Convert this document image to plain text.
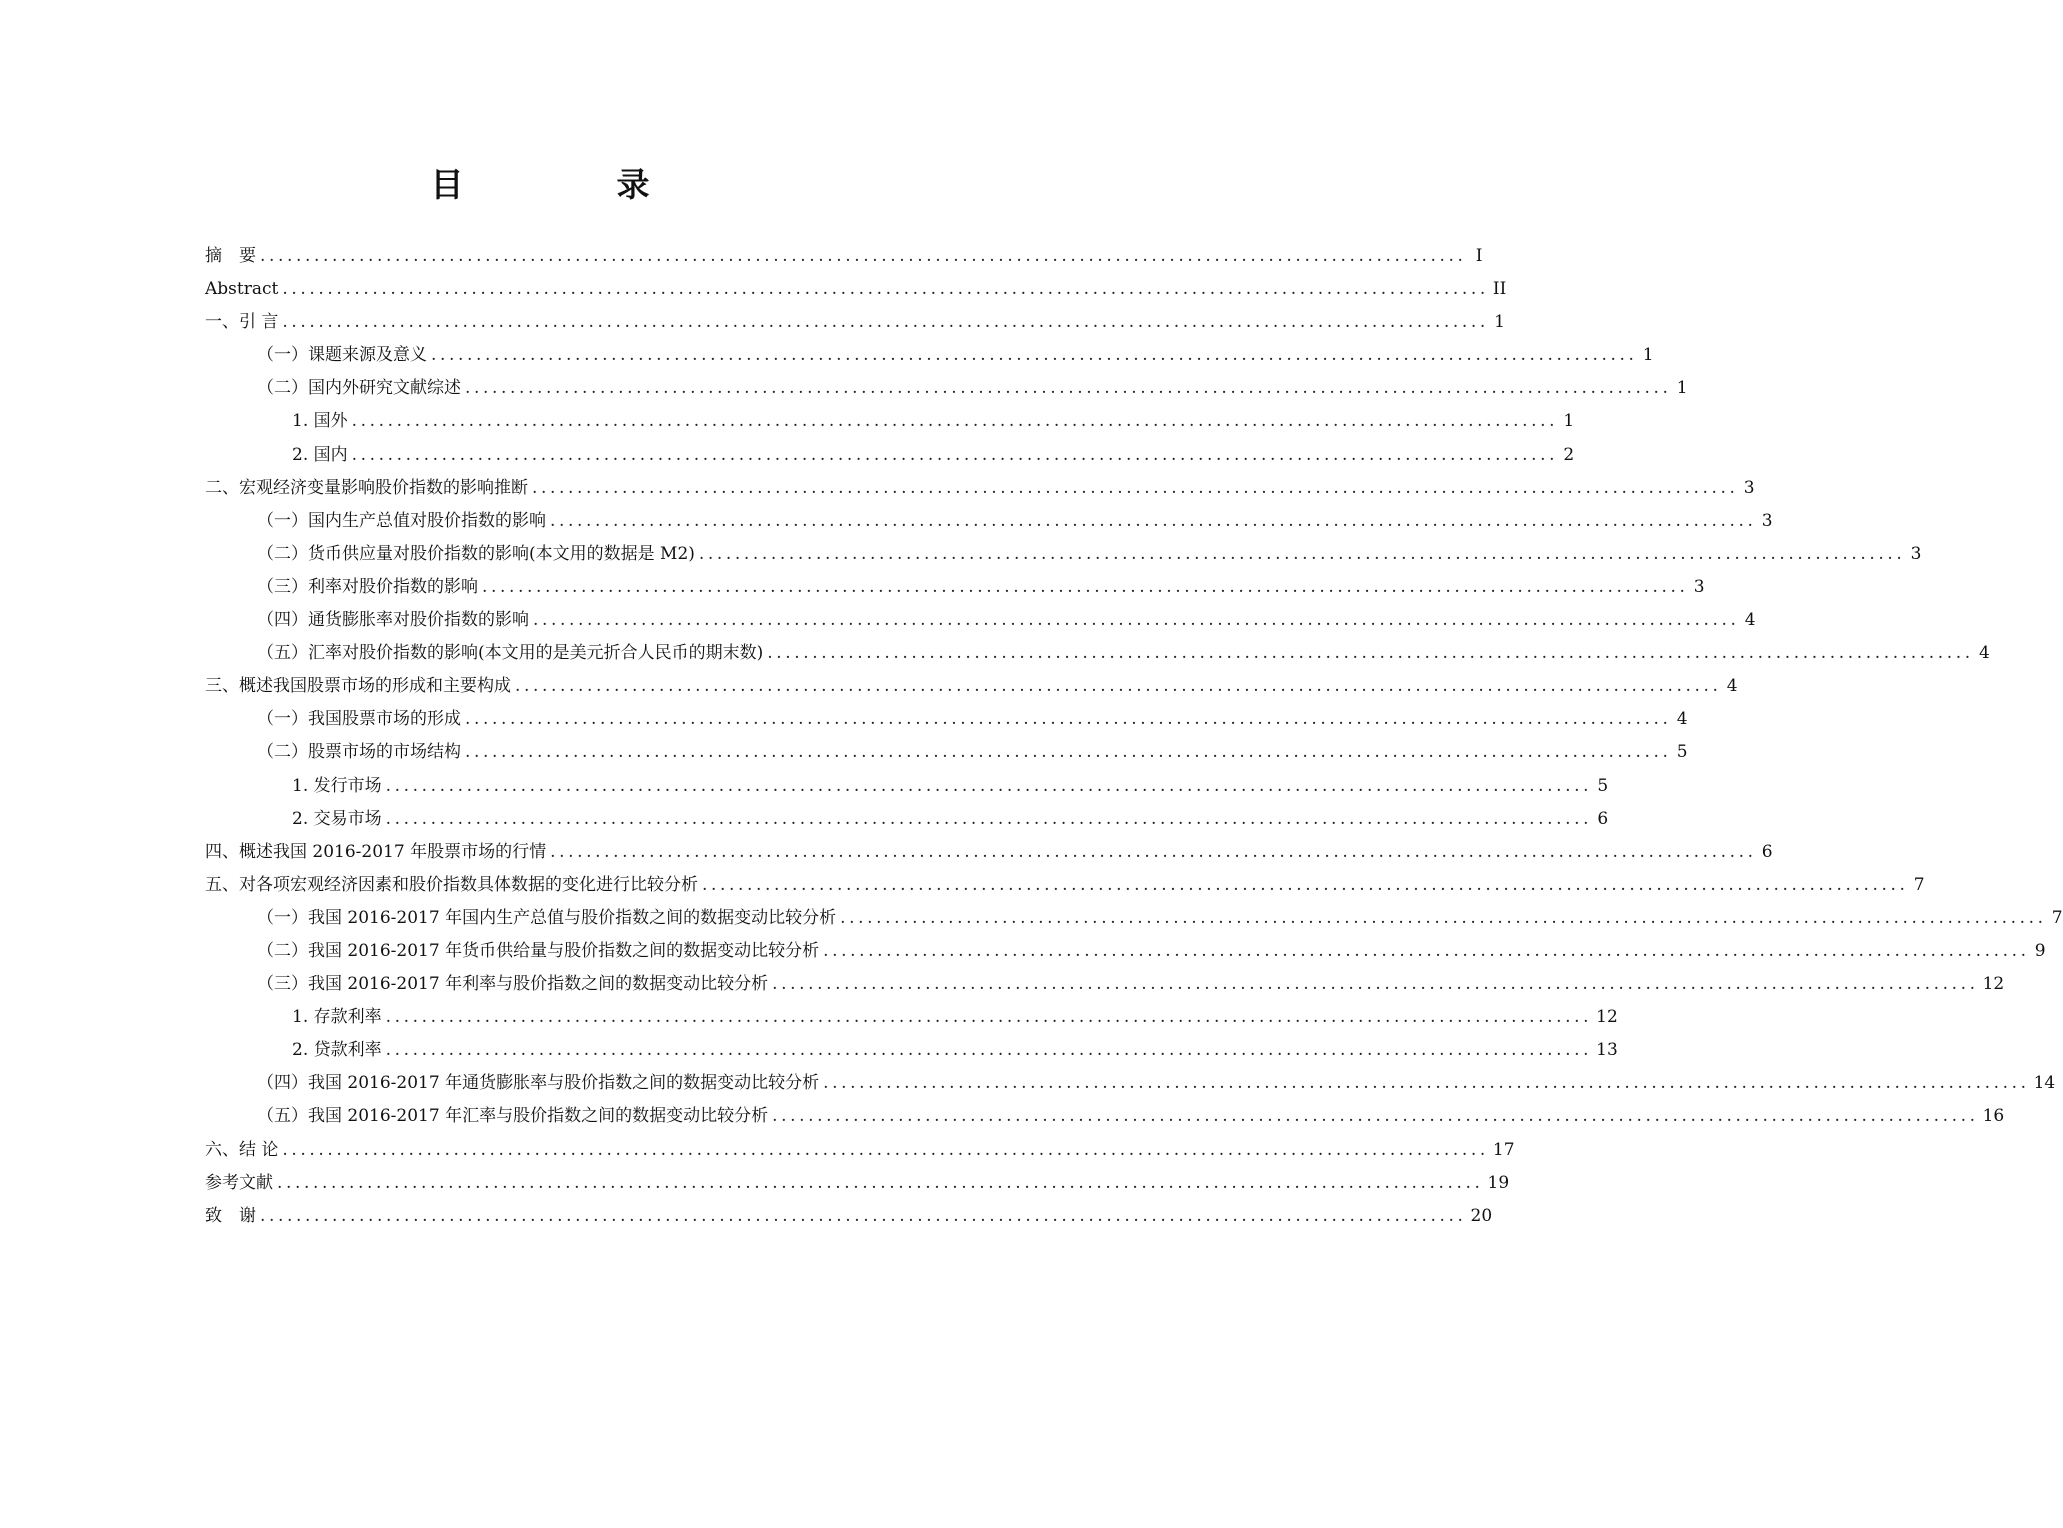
目　录
摘　要 ...................................................................................................................................... I
Abstract ...................................................................................................................................... II
一、引 言 ...................................................................................................................................... 1
（一）课题来源及意义 ...................................................................................................................................... 1
（二）国内外研究文献综述 ...................................................................................................................................... 1
1. 国外 ...................................................................................................................................... 1
2. 国内 ...................................................................................................................................... 2
二、宏观经济变量影响股价指数的影响推断 ...................................................................................................................................... 3
（一）国内生产总值对股价指数的影响 ...................................................................................................................................... 3
（二）货币供应量对股价指数的影响(本文用的数据是 M2) ...................................................................................................................................... 3
（三）利率对股价指数的影响 ...................................................................................................................................... 3
（四）通货膨胀率对股价指数的影响 ...................................................................................................................................... 4
（五）汇率对股价指数的影响(本文用的是美元折合人民币的期末数) ...................................................................................................................................... 4
三、概述我国股票市场的形成和主要构成 ...................................................................................................................................... 4
（一）我国股票市场的形成 ...................................................................................................................................... 4
（二）股票市场的市场结构 ...................................................................................................................................... 5
1. 发行市场 ...................................................................................................................................... 5
2. 交易市场 ...................................................................................................................................... 6
四、概述我国 2016-2017 年股票市场的行情 ...................................................................................................................................... 6
五、对各项宏观经济因素和股价指数具体数据的变化进行比较分析 ...................................................................................................................................... 7
（一）我国 2016-2017 年国内生产总值与股价指数之间的数据变动比较分析 ...................................................................................................................................... 7
（二）我国 2016-2017 年货币供给量与股价指数之间的数据变动比较分析 ...................................................................................................................................... 9
（三）我国 2016-2017 年利率与股价指数之间的数据变动比较分析 ...................................................................................................................................... 12
1. 存款利率 ...................................................................................................................................... 12
2. 贷款利率 ...................................................................................................................................... 13
（四）我国 2016-2017 年通货膨胀率与股价指数之间的数据变动比较分析 ...................................................................................................................................... 14
（五）我国 2016-2017 年汇率与股价指数之间的数据变动比较分析 ...................................................................................................................................... 16
六、结 论 ...................................................................................................................................... 17
参考文献 ...................................................................................................................................... 19
致　谢 ...................................................................................................................................... 20
